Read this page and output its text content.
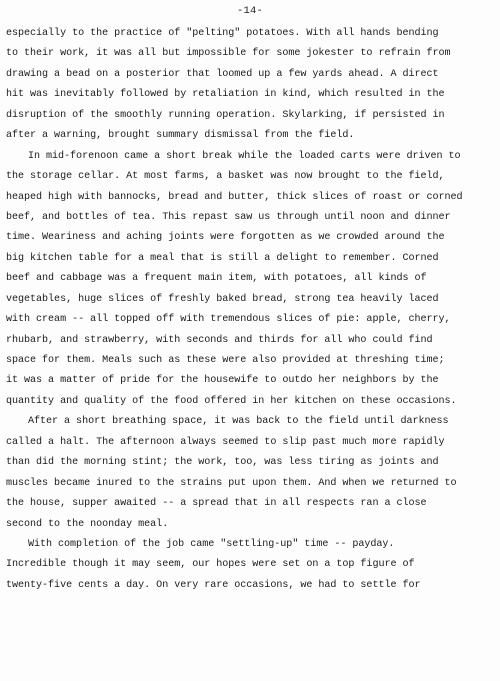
-14-
especially to the practice of "pelting" potatoes. With all hands bending
to their work, it was all but impossible for some jokester to refrain from
drawing a bead on a posterior that loomed up a few yards ahead. A direct
hit was inevitably followed by retaliation in kind, which resulted in the
disruption of the smoothly running operation. Skylarking, if persisted in
after a warning, brought summary dismissal from the field.
In mid-forenoon came a short break while the loaded carts were driven to
the storage cellar. At most farms, a basket was now brought to the field,
heaped high with bannocks, bread and butter, thick slices of roast or corned
beef, and bottles of tea. This repast saw us through until noon and dinner
time. Weariness and aching joints were forgotten as we crowded around the
big kitchen table for a meal that is still a delight to remember. Corned
beef and cabbage was a frequent main item, with potatoes, all kinds of
vegetables, huge slices of freshly baked bread, strong tea heavily laced
with cream -- all topped off with tremendous slices of pie: apple, cherry,
rhubarb, and strawberry, with seconds and thirds for all who could find
space for them. Meals such as these were also provided at threshing time;
it was a matter of pride for the housewife to outdo her neighbors by the
quantity and quality of the food offered in her kitchen on these occasions.
After a short breathing space, it was back to the field until darkness
called a halt. The afternoon always seemed to slip past much more rapidly
than did the morning stint; the work, too, was less tiring as joints and
muscles became inured to the strains put upon them. And when we returned to
the house, supper awaited -- a spread that in all respects ran a close
second to the noonday meal.
With completion of the job came "settling-up" time -- payday.
Incredible though it may seem, our hopes were set on a top figure of
twenty-five cents a day. On very rare occasions, we had to settle for
